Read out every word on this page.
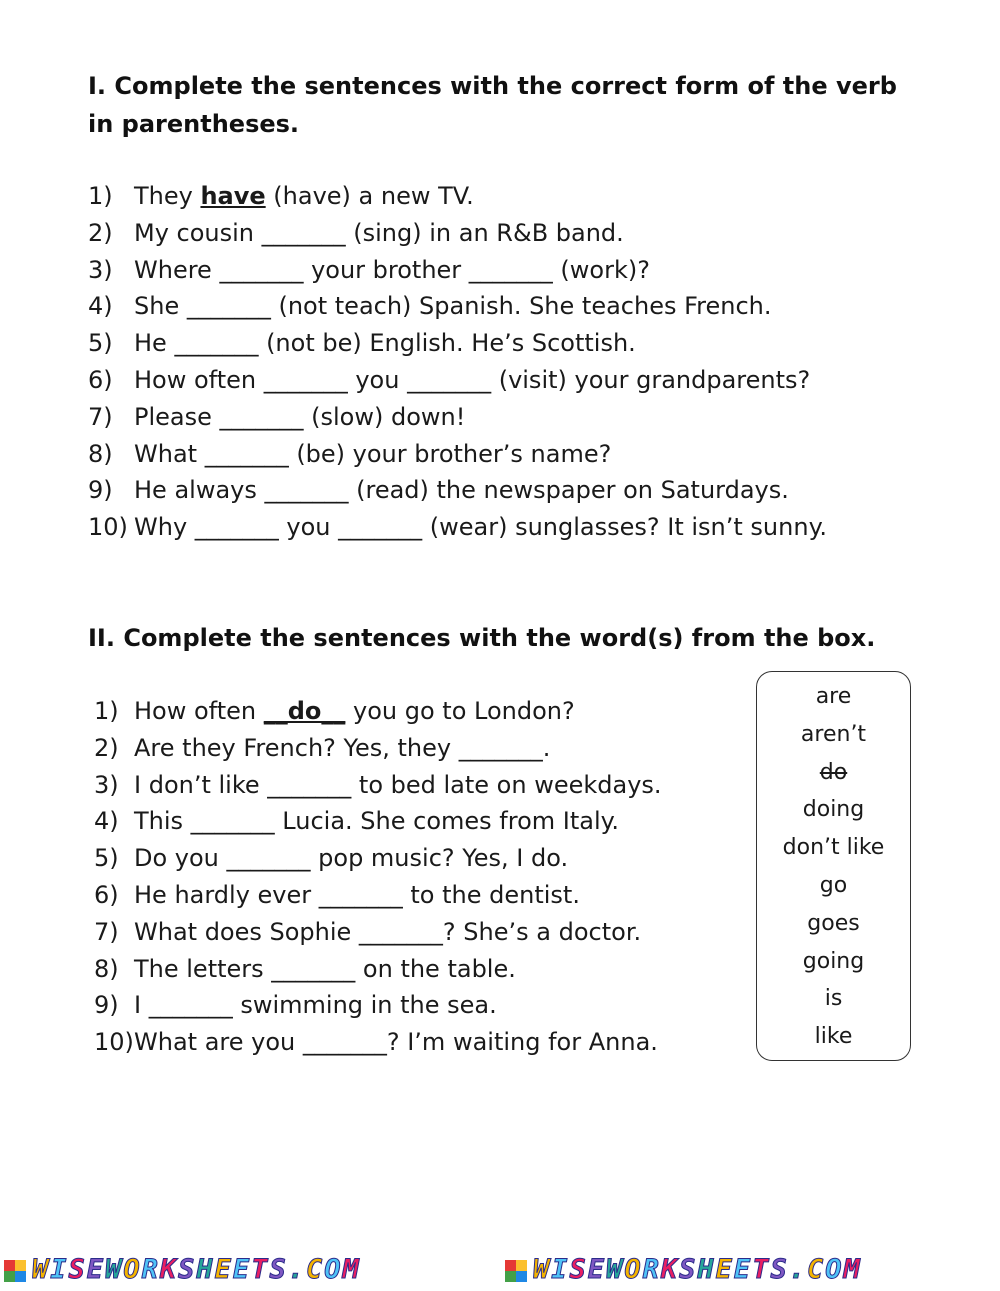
I. Complete the sentences with the correct form of the verb in parentheses.
1) They have (have) a new TV.
2) My cousin _______ (sing) in an R&B band.
3) Where _______ your brother _______ (work)?
4) She _______ (not teach) Spanish. She teaches French.
5) He _______ (not be) English. He’s Scottish.
6) How often _______ you _______ (visit) your grandparents?
7) Please _______ (slow) down!
8) What _______ (be) your brother’s name?
9) He always _______ (read) the newspaper on Saturdays.
10) Why _______ you _______ (wear) sunglasses? It isn’t sunny.
II. Complete the sentences with the word(s) from the box.
1) How often __do__ you go to London?
2) Are they French? Yes, they _______.
3) I don’t like _______ to bed late on weekdays.
4) This _______ Lucia. She comes from Italy.
5) Do you _______ pop music? Yes, I do.
6) He hardly ever _______ to the dentist.
7) What does Sophie _______? She’s a doctor.
8) The letters _______ on the table.
9) I _______ swimming in the sea.
10)What are you _______? I’m waiting for Anna.
are
aren’t
do
doing
don’t like
go
goes
going
is
like
WISEWORKSHEETS.COM	WISEWORKSHEETS.COM
